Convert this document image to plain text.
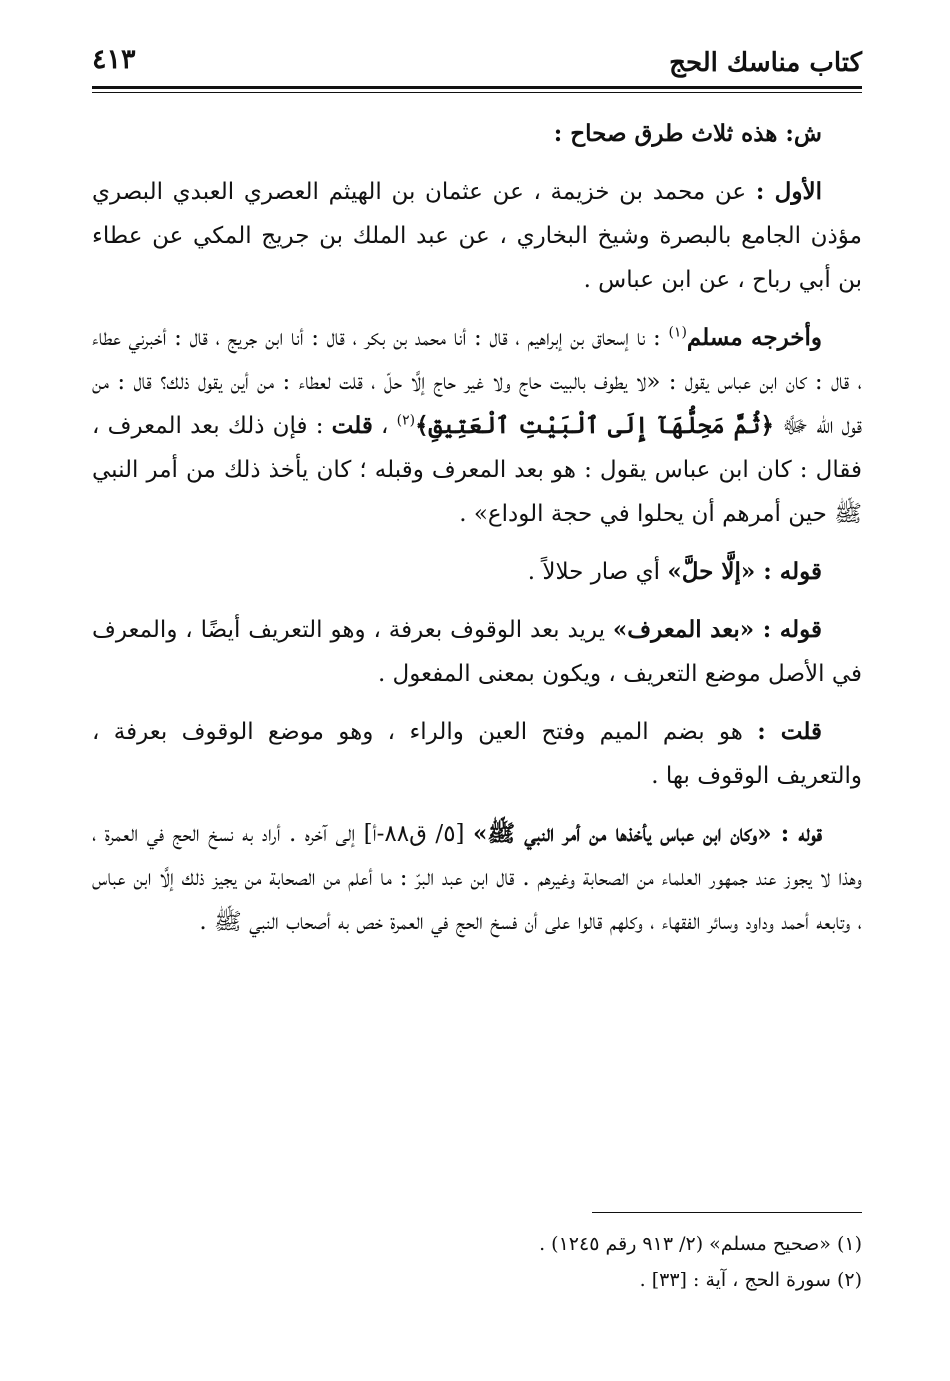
كتاب مناسك الحج
٤١٣

ش: هذه ثلاث طرق صحاح :

الأول : عن محمد بن خزيمة ، عن عثمان بن الهيثم العصري العبدي البصري مؤذن الجامع بالبصرة وشيخ البخاري ، عن عبد الملك بن جريج المكي عن عطاء بن أبي رباح ، عن ابن عباس .

وأخرجه مسلم$^{(١)}$ : نا إسحاق بن إبراهيم ، قال : أنا محمد بن بكر ، قال : أنا ابن جريج ، قال : أخبرني عطاء ، قال : كان ابن عباس يقول : «لا يطوف بالبيت حاج ولا غير حاج إلَّا حلّ ، قلت لعطاء : من أين يقول ذلك؟ قال : من قول الله ﷻ ﴿ثُمَّ مَحِلُّهَآ إِلَى ٱلْبَيْتِ ٱلْعَتِيقِ﴾$^{(٢)}$ ، قلت : فإن ذلك بعد المعرف ، فقال : كان ابن عباس يقول : هو بعد المعرف وقبله ؛ كان يأخذ ذلك من أمر النبي ﷺ حين أمرهم أن يحلوا في حجة الوداع» .

قوله : «إلَّا حلَّ» أي صار حلالاً .

قوله : «بعد المعرف» يريد بعد الوقوف بعرفة ، وهو التعريف أيضًا ، والمعرف في الأصل موضع التعريف ، ويكون بمعنى المفعول .

قلت : هو بضم الميم وفتح العين والراء ، وهو موضع الوقوف بعرفة ، والتعريف الوقوف بها .

قوله : «وكان ابن عباس يأخذها من أمر النبي ﷺ» [٥/ ق٨٨-أ] إلى آخره . أراد به نسخ الحج في العمرة ، وهذا لا يجوز عند جمهور العلماء من الصحابة وغيرهم . قال ابن عبد البرّ : ما أعلم من الصحابة من يجيز ذلك إلَّا ابن عباس ، وتابعه أحمد وداود وسائر الفقهاء ، وكلهم قالوا على أن فسخ الحج في العمرة خص به أصحاب النبي ﷺ .

(١) «صحيح مسلم» (٢/ ٩١٣ رقم ١٢٤٥) .

(٢) سورة الحج ، آية : [٣٣] .
